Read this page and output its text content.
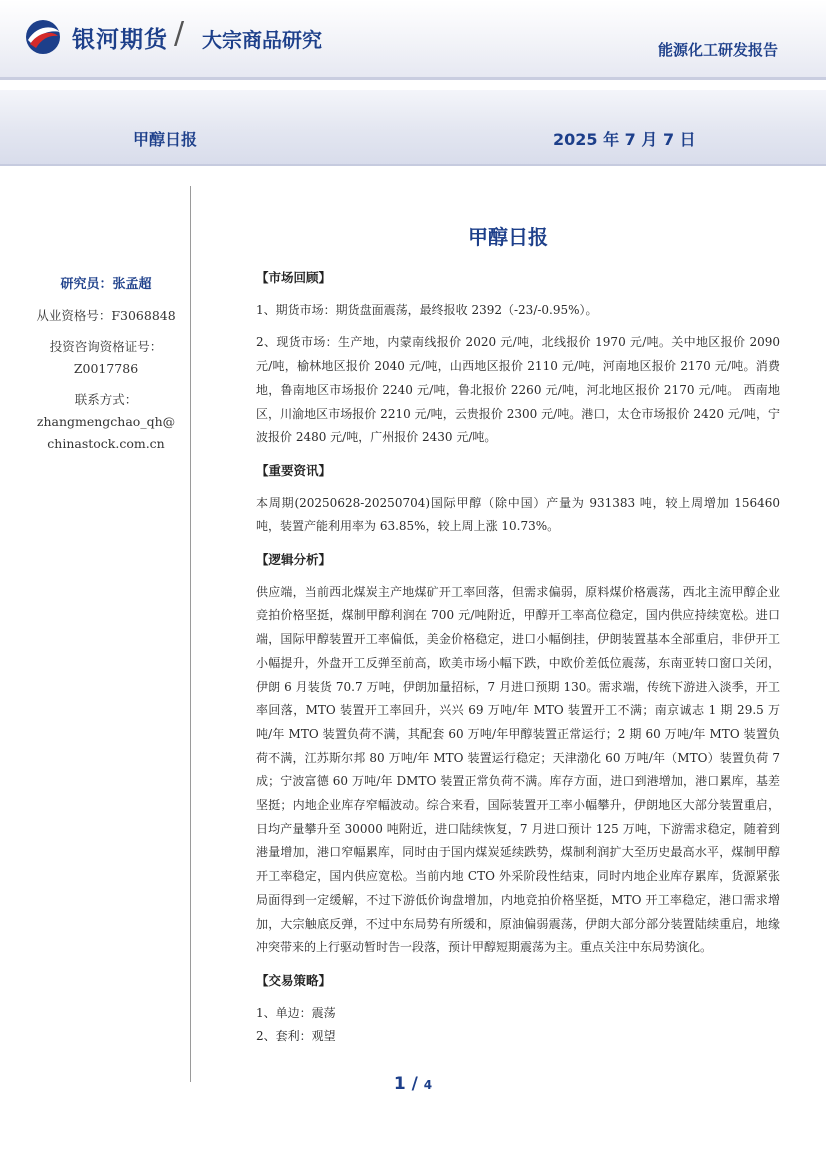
银河期货 / 大宗商品研究	能源化工研发报告
甲醇日报	2025 年 7 月 7 日
研究员：张孟超
从业资格号：F3068848
投资咨询资格证号：
Z0017786
联系方式：
zhangmengchao_qh@
chinastock.com.cn
甲醇日报
【市场回顾】
1、期货市场：期货盘面震荡，最终报收 2392（-23/-0.95%）。
2、现货市场：生产地，内蒙南线报价 2020 元/吨，北线报价 1970 元/吨。关中地区报价 2090 元/吨，榆林地区报价 2040 元/吨，山西地区报价 2110 元/吨，河南地区报价 2170 元/吨。消费地，鲁南地区市场报价 2240 元/吨，鲁北报价 2260 元/吨，河北地区报价 2170 元/吨。 西南地区，川渝地区市场报价 2210 元/吨，云贵报价 2300 元/吨。港口，太仓市场报价 2420 元/吨，宁波报价 2480 元/吨，广州报价 2430 元/吨。
【重要资讯】
本周期(20250628-20250704)国际甲醇（除中国）产量为 931383 吨，较上周增加 156460 吨，装置产能利用率为 63.85%，较上周上涨 10.73%。
【逻辑分析】
供应端，当前西北煤炭主产地煤矿开工率回落，但需求偏弱，原料煤价格震荡，西北主流甲醇企业竞拍价格坚挺，煤制甲醇利润在 700 元/吨附近，甲醇开工率高位稳定，国内供应持续宽松。进口端，国际甲醇装置开工率偏低，美金价格稳定，进口小幅倒挂，伊朗装置基本全部重启，非伊开工小幅提升，外盘开工反弹至前高，欧美市场小幅下跌，中欧价差低位震荡，东南亚转口窗口关闭，伊朗 6 月装货 70.7 万吨，伊朗加量招标，7 月进口预期 130。需求端，传统下游进入淡季，开工率回落，MTO 装置开工率回升，兴兴 69 万吨/年 MTO 装置开工不满；南京诚志 1 期 29.5 万吨/年 MTO 装置负荷不满，其配套 60 万吨/年甲醇装置正常运行；2 期 60 万吨/年 MTO 装置负荷不满，江苏斯尔邦 80 万吨/年 MTO 装置运行稳定；天津渤化 60 万吨/年（MTO）装置负荷 7 成；宁波富德 60 万吨/年 DMTO 装置正常负荷不满。库存方面，进口到港增加，港口累库，基差坚挺；内地企业库存窄幅波动。综合来看，国际装置开工率小幅攀升，伊朗地区大部分装置重启，日均产量攀升至 30000 吨附近，进口陆续恢复，7 月进口预计 125 万吨，下游需求稳定，随着到港量增加，港口窄幅累库，同时由于国内煤炭延续跌势，煤制利润扩大至历史最高水平，煤制甲醇开工率稳定，国内供应宽松。当前内地 CTO 外采阶段性结束，同时内地企业库存累库，货源紧张局面得到一定缓解，不过下游低价询盘增加，内地竞拍价格坚挺，MTO 开工率稳定，港口需求增加，大宗触底反弹，不过中东局势有所缓和，原油偏弱震荡，伊朗大部分部分装置陆续重启，地缘冲突带来的上行驱动暂时告一段落，预计甲醇短期震荡为主。重点关注中东局势演化。
【交易策略】
1、单边：震荡
2、套利：观望
1 / 4
